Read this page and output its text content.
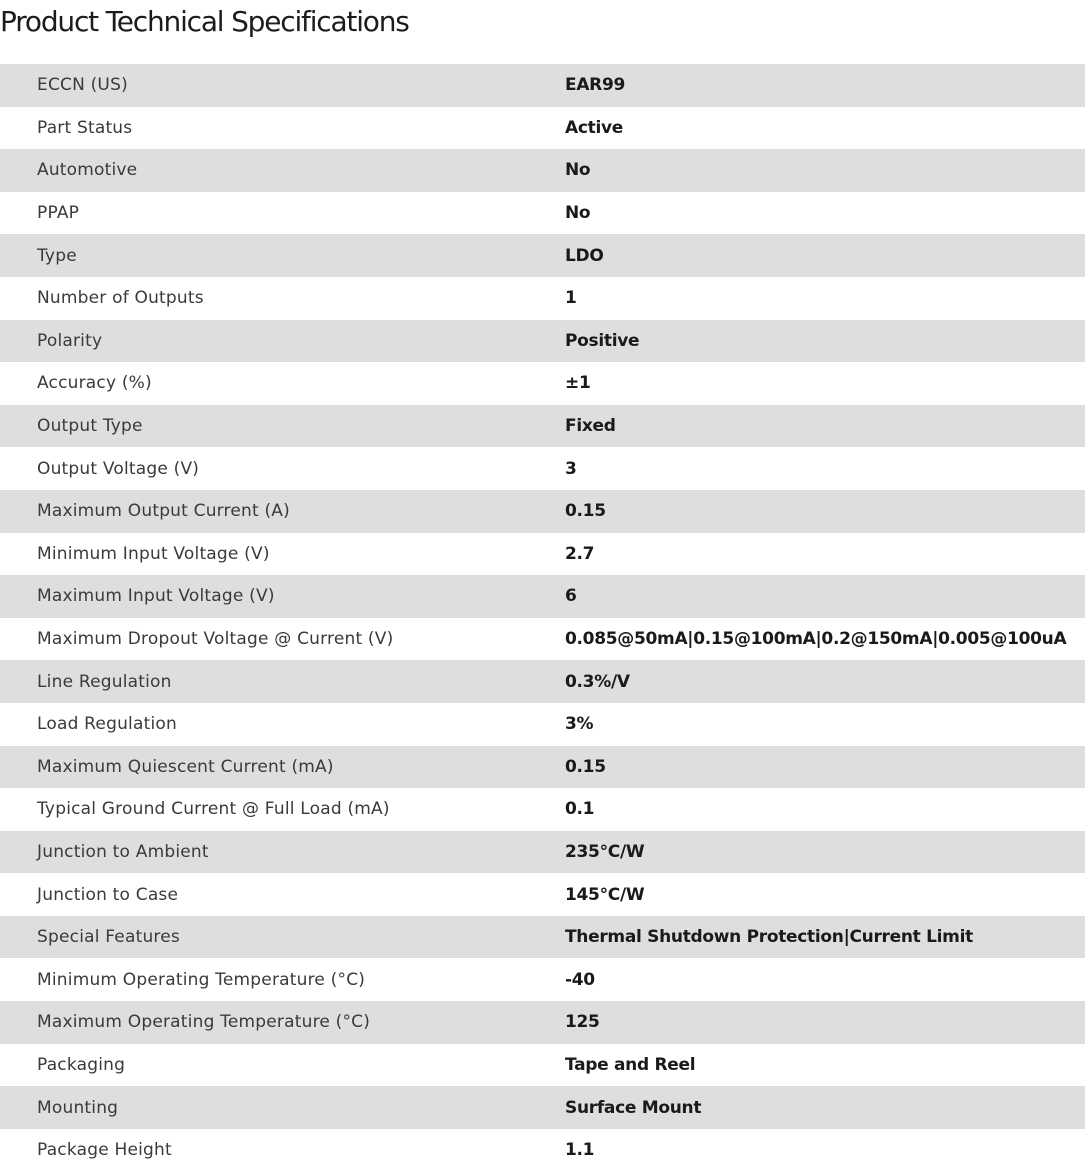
Product Technical Specifications
ECCN (US)	EAR99
Part Status	Active
Automotive	No
PPAP	No
Type	LDO
Number of Outputs	1
Polarity	Positive
Accuracy (%)	±1
Output Type	Fixed
Output Voltage (V)	3
Maximum Output Current (A)	0.15
Minimum Input Voltage (V)	2.7
Maximum Input Voltage (V)	6
Maximum Dropout Voltage @ Current (V)	0.085@50mA|0.15@100mA|0.2@150mA|0.005@100uA
Line Regulation	0.3%/V
Load Regulation	3%
Maximum Quiescent Current (mA)	0.15
Typical Ground Current @ Full Load (mA)	0.1
Junction to Ambient	235°C/W
Junction to Case	145°C/W
Special Features	Thermal Shutdown Protection|Current Limit
Minimum Operating Temperature (°C)	-40
Maximum Operating Temperature (°C)	125
Packaging	Tape and Reel
Mounting	Surface Mount
Package Height	1.1
